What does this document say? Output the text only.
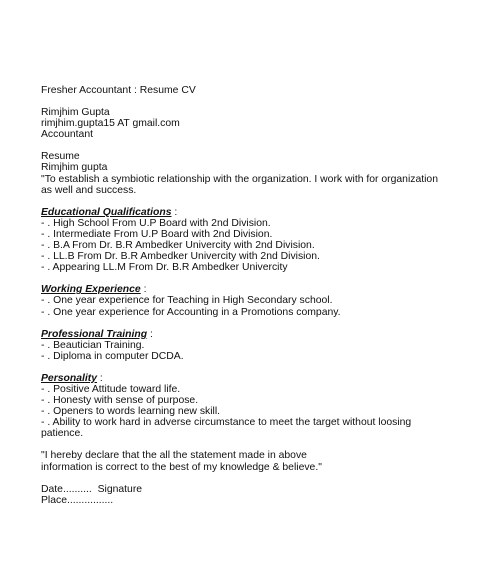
Fresher Accountant : Resume CV
Rimjhim Gupta
rimjhim.gupta15 AT gmail.com
Accountant
Resume
Rimjhim gupta
"To establish a symbiotic relationship with the organization. I work with for organization as well and success.
Educational Qualifications :
- . High School From U.P Board with 2nd Division.
- . Intermediate From U.P Board with 2nd Division.
- . B.A From Dr. B.R Ambedker Univercity with 2nd Division.
- . LL.B From Dr. B.R Ambedker Univercity with 2nd Division.
- . Appearing LL.M From Dr. B.R Ambedker Univercity
Working Experience :
- . One year experience for Teaching in High Secondary school.
- . One year experience for Accounting in a Promotions company.
Professional Training :
- . Beautician Training.
- . Diploma in computer DCDA.
Personality :
- . Positive Attitude toward life.
- . Honesty with sense of purpose.
- . Openers to words learning new skill.
- . Ability to work hard in adverse circumstance to meet the target without loosing patience.
"I hereby declare that the all the statement made in above
information is correct to the best of my knowledge & believe."
Date..........  Signature
Place................
